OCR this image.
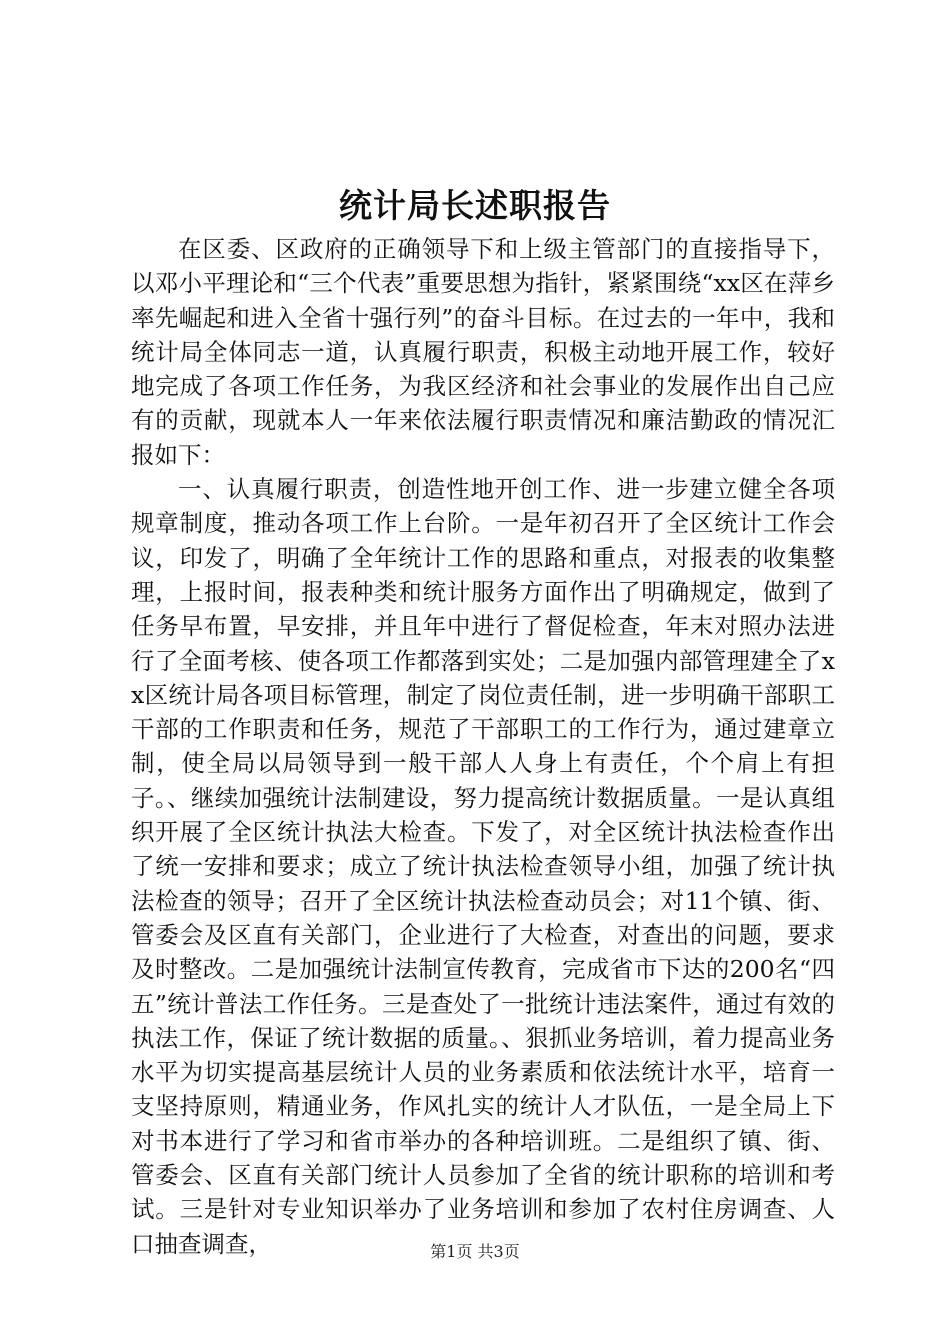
统计局长述职报告

在区委、区政府的正确领导下和上级主管部门的直接指导下，以邓小平理论和“三个代表”重要思想为指针，紧紧围绕“xx区在萍乡率先崛起和进入全省十强行列”的奋斗目标。在过去的一年中，我和统计局全体同志一道，认真履行职责，积极主动地开展工作，较好地完成了各项工作任务，为我区经济和社会事业的发展作出自己应有的贡献，现就本人一年来依法履行职责情况和廉洁勤政的情况汇报如下：

一、认真履行职责，创造性地开创工作、进一步建立健全各项规章制度，推动各项工作上台阶。一是年初召开了全区统计工作会议，印发了，明确了全年统计工作的思路和重点，对报表的收集整理，上报时间，报表种类和统计服务方面作出了明确规定，做到了任务早布置，早安排，并且年中进行了督促检查，年末对照办法进行了全面考核、使各项工作都落到实处；二是加强内部管理建全了xx区统计局各项目标管理，制定了岗位责任制，进一步明确干部职工干部的工作职责和任务，规范了干部职工的工作行为，通过建章立制，使全局以局领导到一般干部人人身上有责任，个个肩上有担子。、继续加强统计法制建设，努力提高统计数据质量。一是认真组织开展了全区统计执法大检查。下发了，对全区统计执法检查作出了统一安排和要求；成立了统计执法检查领导小组，加强了统计执法检查的领导；召开了全区统计执法检查动员会；对11个镇、街、管委会及区直有关部门，企业进行了大检查，对查出的问题，要求及时整改。二是加强统计法制宣传教育，完成省市下达的200名“四五”统计普法工作任务。三是查处了一批统计违法案件，通过有效的执法工作，保证了统计数据的质量。、狠抓业务培训，着力提高业务水平为切实提高基层统计人员的业务素质和依法统计水平，培育一支坚持原则，精通业务，作风扎实的统计人才队伍，一是全局上下对书本进行了学习和省市举办的各种培训班。二是组织了镇、街、管委会、区直有关部门统计人员参加了全省的统计职称的培训和考试。三是针对专业知识举办了业务培训和参加了农村住房调查、人口抽查调查，	第1页 共3页
